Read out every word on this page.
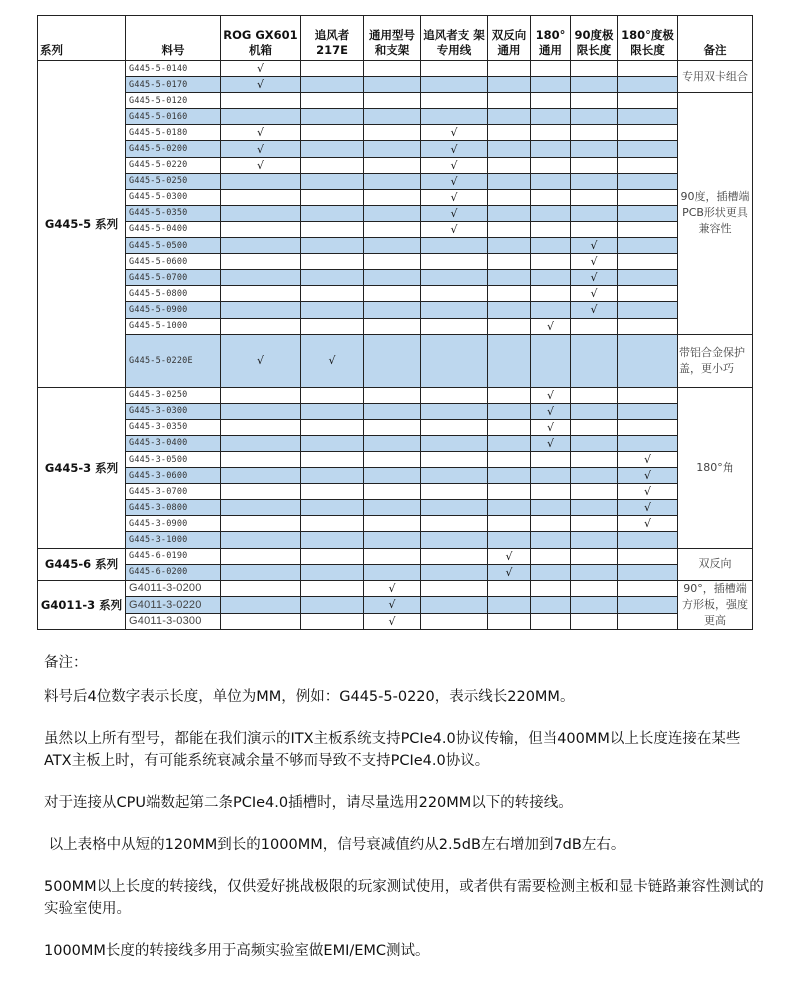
系列	料号	ROG GX601 机箱	追风者 217E	通用型号 和支架	追风者支 架专用线	双反向 通用	180° 通用	90度极 限长度	180°度极 限长度	备注
G445-5 系列	G445-5-0140	√								专用双卡组合
	G445-5-0170	√								
	G445-5-0120									90度，插槽端PCB形状更具兼容性
	G445-5-0160									
	G445-5-0180	√			√					
	G445-5-0200	√			√					
	G445-5-0220	√			√					
	G445-5-0250				√					
	G445-5-0300				√					
	G445-5-0350				√					
	G445-5-0400				√					
	G445-5-0500							√		
	G445-5-0600							√		
	G445-5-0700							√		
	G445-5-0800							√		
	G445-5-0900							√		
	G445-5-1000						√			
	G445-5-0220E	√	√							带铝合金保护盖，更小巧
G445-3 系列	G445-3-0250						√			180°角
	G445-3-0300						√			
	G445-3-0350						√			
	G445-3-0400						√			
	G445-3-0500								√	
	G445-3-0600								√	
	G445-3-0700								√	
	G445-3-0800								√	
	G445-3-0900								√	
	G445-3-1000									
G445-6 系列	G445-6-0190					√				双反向
	G445-6-0200					√				
G4011-3 系列	G4011-3-0200			√						90°，插槽端方形板，强度更高
	G4011-3-0220			√						
	G4011-3-0300			√						

备注：

料号后4位数字表示长度，单位为MM，例如：G445-5-0220，表示线长220MM。

虽然以上所有型号，都能在我们演示的ITX主板系统支持PCIe4.0协议传输，但当400MM以上长度连接在某些ATX主板上时，有可能系统衰减余量不够而导致不支持PCIe4.0协议。

对于连接从CPU端数起第二条PCIe4.0插槽时，请尽量选用220MM以下的转接线。

以上表格中从短的120MM到长的1000MM，信号衰减值约从2.5dB左右增加到7dB左右。

500MM以上长度的转接线，仅供爱好挑战极限的玩家测试使用，或者供有需要检测主板和显卡链路兼容性测试的实验室使用。

1000MM长度的转接线多用于高频实验室做EMI/EMC测试。
